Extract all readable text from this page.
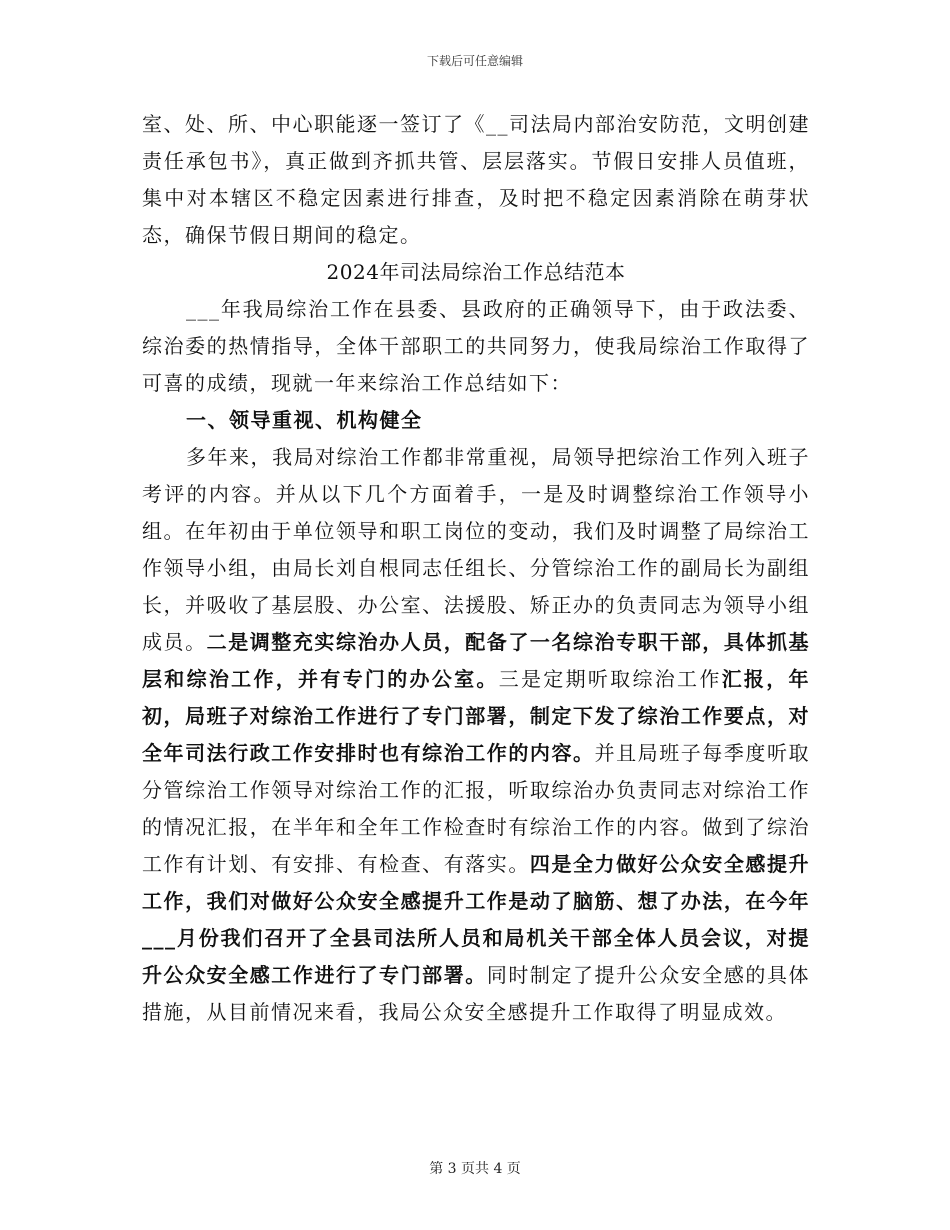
下载后可任意编辑

室、处、所、中心职能逐一签订了《__司法局内部治安防范，文明创建责任承包书》，真正做到齐抓共管、层层落实。节假日安排人员值班，集中对本辖区不稳定因素进行排查，及时把不稳定因素消除在萌芽状态，确保节假日期间的稳定。

2024年司法局综治工作总结范本

___年我局综治工作在县委、县政府的正确领导下，由于政法委、综治委的热情指导，全体干部职工的共同努力，使我局综治工作取得了可喜的成绩，现就一年来综治工作总结如下：

一、领导重视、机构健全

多年来，我局对综治工作都非常重视，局领导把综治工作列入班子考评的内容。并从以下几个方面着手，一是及时调整综治工作领导小组。在年初由于单位领导和职工岗位的变动，我们及时调整了局综治工作领导小组，由局长刘自根同志任组长、分管综治工作的副局长为副组长，并吸收了基层股、办公室、法援股、矫正办的负责同志为领导小组成员。二是调整充实综治办人员，配备了一名综治专职干部，具体抓基层和综治工作，并有专门的办公室。三是定期听取综治工作汇报，年初，局班子对综治工作进行了专门部署，制定下发了综治工作要点，对全年司法行政工作安排时也有综治工作的内容。并且局班子每季度听取分管综治工作领导对综治工作的汇报，听取综治办负责同志对综治工作的情况汇报，在半年和全年工作检查时有综治工作的内容。做到了综治工作有计划、有安排、有检查、有落实。四是全力做好公众安全感提升工作，我们对做好公众安全感提升工作是动了脑筋、想了办法，在今年___月份我们召开了全县司法所人员和局机关干部全体人员会议，对提升公众安全感工作进行了专门部署。同时制定了提升公众安全感的具体措施，从目前情况来看，我局公众安全感提升工作取得了明显成效。

第 3 页共 4 页
